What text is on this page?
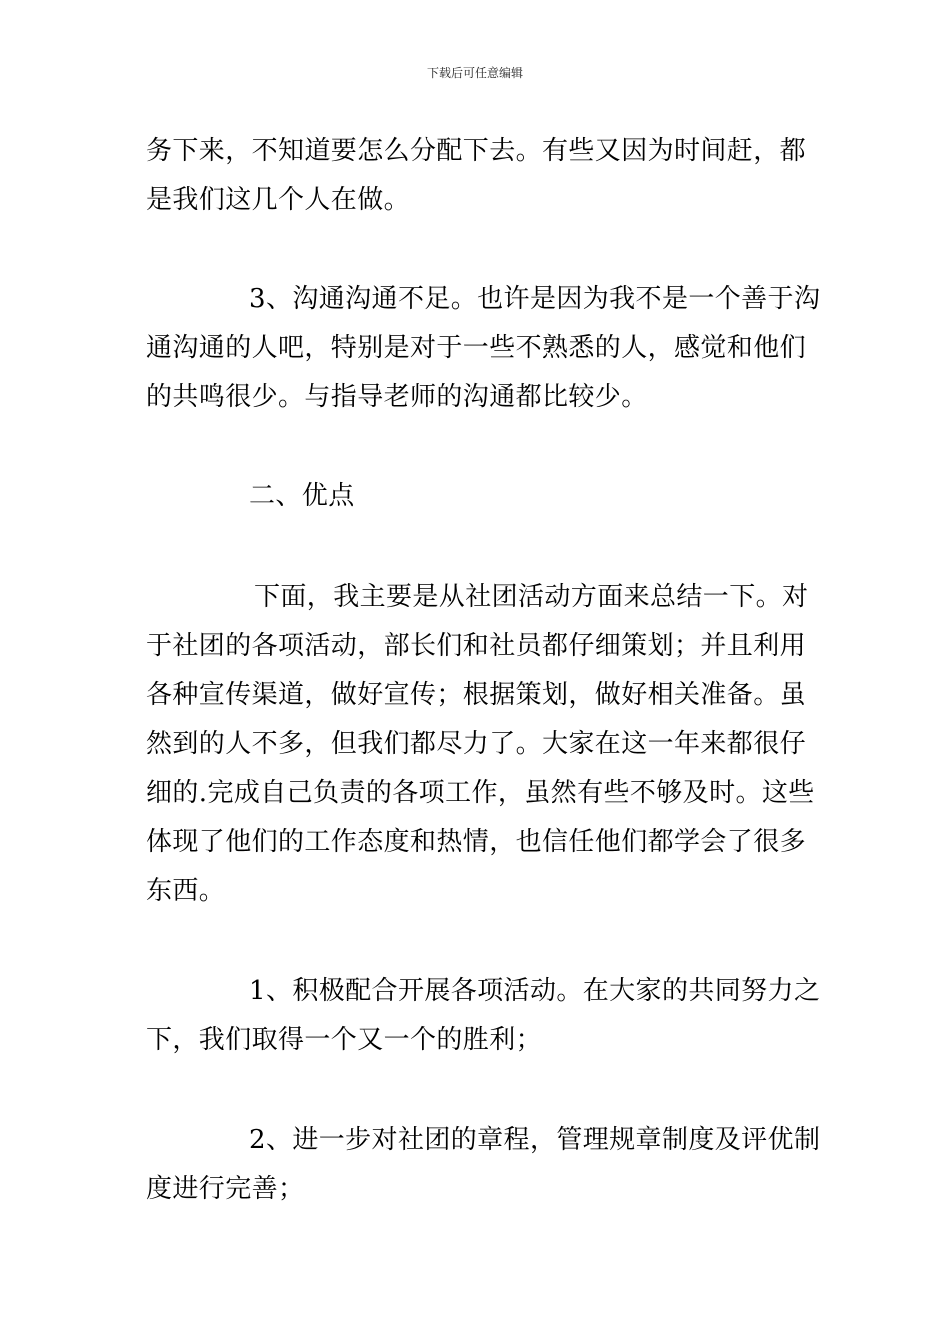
下载后可任意编辑
务下来，不知道要怎么分配下去。有些又因为时间赶，都
是我们这几个人在做。
3、沟通沟通不足。也许是因为我不是一个善于沟
通沟通的人吧，特别是对于一些不熟悉的人，感觉和他们
的共鸣很少。与指导老师的沟通都比较少。
二、优点
下面，我主要是从社团活动方面来总结一下。对
于社团的各项活动，部长们和社员都仔细策划；并且利用
各种宣传渠道，做好宣传；根据策划，做好相关准备。虽
然到的人不多，但我们都尽力了。大家在这一年来都很仔
细的.完成自己负责的各项工作，虽然有些不够及时。这些
体现了他们的工作态度和热情，也信任他们都学会了很多
东西。
1、积极配合开展各项活动。在大家的共同努力之
下，我们取得一个又一个的胜利；
2、进一步对社团的章程，管理规章制度及评优制
度进行完善；
